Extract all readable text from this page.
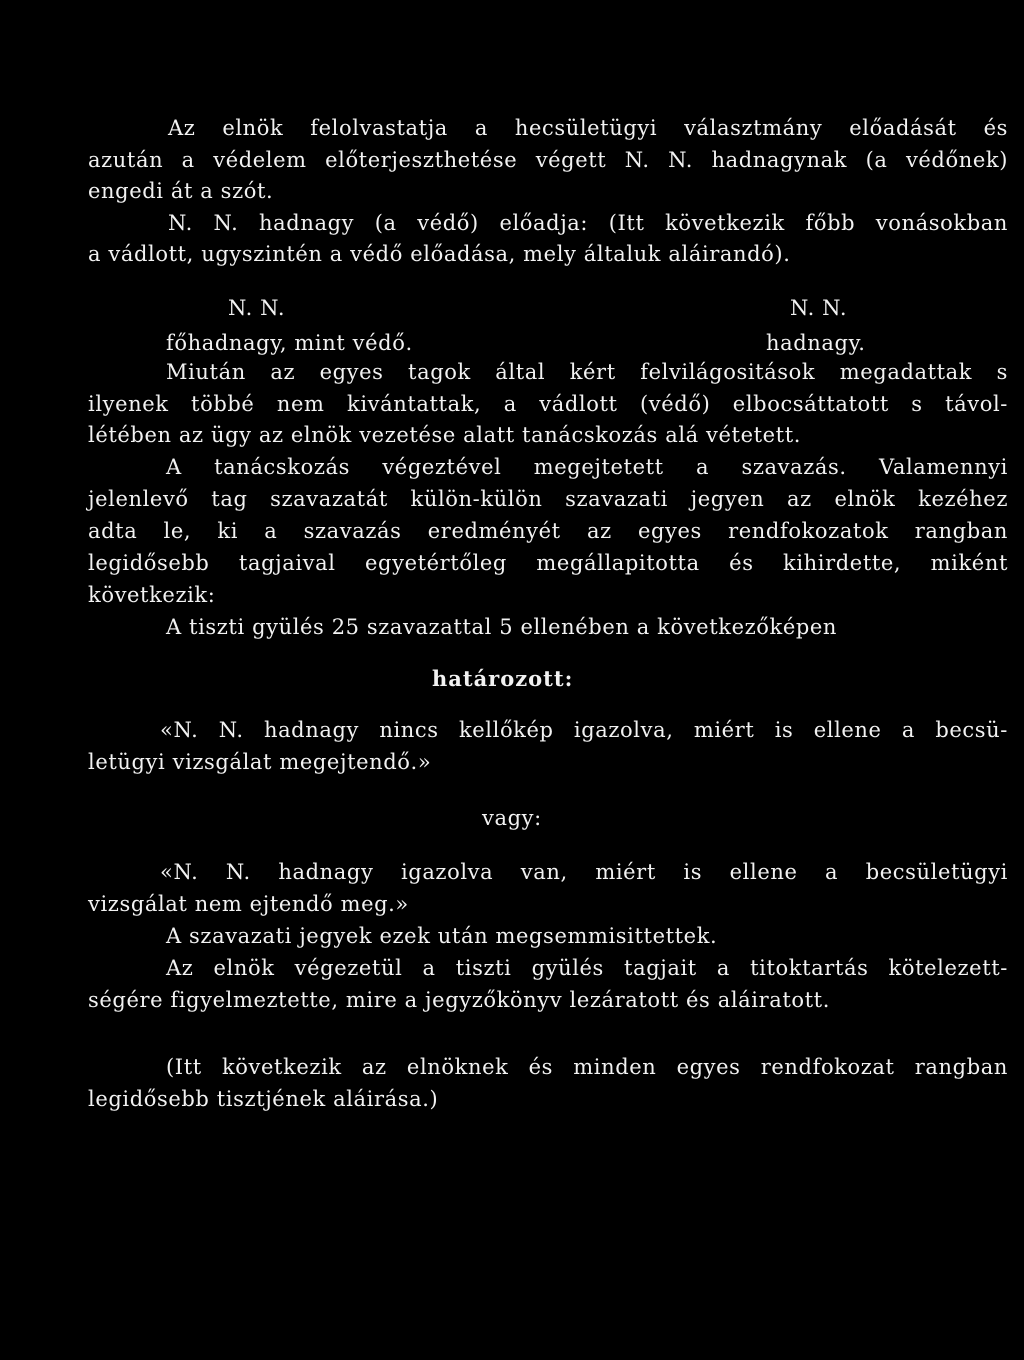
Az elnök felolvastatja a hecsületügyi választmány előadását és
azután a védelem előterjeszthetése végett N. N. hadnagynak (a védőnek)
engedi át a szót.
N. N. hadnagy (a védő) előadja: (Itt következik főbb vonásokban
a vádlott, ugyszintén a védő előadása, mely általuk aláirandó).
N. N.	N. N.
főhadnagy, mint védő.	hadnagy.
Miután az egyes tagok által kért felvilágositások megadattak s
ilyenek többé nem kivántattak, a vádlott (védő) elbocsáttatott s távol-
létében az ügy az elnök vezetése alatt tanácskozás alá vétetett.
A tanácskozás végeztével megejtetett a szavazás. Valamennyi
jelenlevő tag szavazatát külön-külön szavazati jegyen az elnök kezéhez
adta le, ki a szavazás eredményét az egyes rendfokozatok rangban
legidősebb tagjaival egyetértőleg megállapitotta és kihirdette, miként
következik:
A tiszti gyülés 25 szavazattal 5 ellenében a következőképen
határozott:
«N. N. hadnagy nincs kellőkép igazolva, miért is ellene a becsü-
letügyi vizsgálat megejtendő.»
vagy:
«N. N. hadnagy igazolva van, miért is ellene a becsületügyi
vizsgálat nem ejtendő meg.»
A szavazati jegyek ezek után megsemmisittettek.
Az elnök végezetül a tiszti gyülés tagjait a titoktartás kötelezett-
ségére figyelmeztette, mire a jegyzőkönyv lezáratott és aláiratott.
(Itt következik az elnöknek és minden egyes rendfokozat rangban
legidősebb tisztjének aláirása.)
